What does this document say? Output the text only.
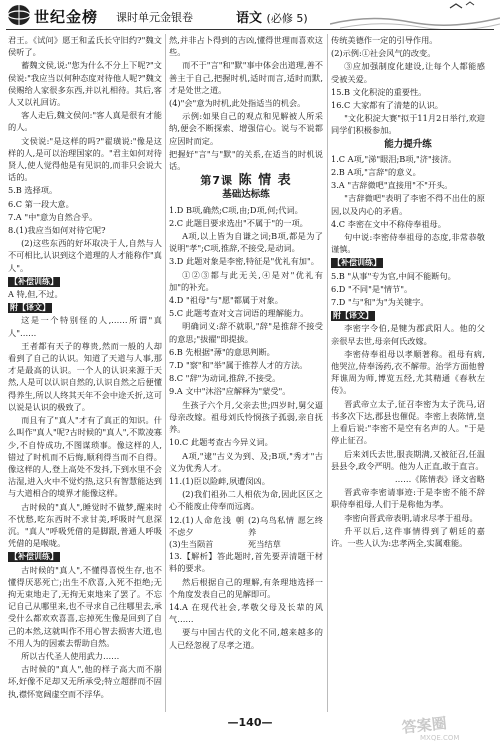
世纪金榜 课时单元金银卷	语文 (必修 5)

君王。《试问》愿王和孟氏长守旧约?"魏文侯听了。

蓄魏文侯,说:"您为什么不分上下呢?"文侯说:"我应当以何种态度对待他人呢?"魏文侯赐给人家很多东西,并以礼相待。其后,客人又以礼回访。

客人走后,魏文侯问:"客人真是很有才能的人。

文侯说:"是这样的吗?"翟璜说:"像是这样的人,是可以治理国家的。"君主如何对待贤人,使人觉得他是有见识的,而非只会说大话的。

5.B 选择项。

6.C 第一段大意。

7.A "中"意为自然合乎。

8.(1)我应当如何对待它呢?

(2)这些东西的好坏取决于人,自然与人不可相比,认识到这个道理的人才能称作"真人"。

【补偿训练】

A 特,但,不过。

附【译文】

这是一个特别怪的人,……所谓"真人"……

王者都有天子的尊贵,然而一般的人却看到了自己的认识。知道了天道与人事,那才是最高的认识。一个人的认识来源于天然,人是可以认识自然的,认识自然之后便懂得养生,所以人终其天年不会中途夭折,这可以说是认识的极致了。

而且有了"真人"才有了真正的知识。什么叫作"真人"呢?古时候的"真人",不欺凌寡少,不自恃成功,不图谋琐事。像这样的人,错过了时机而不后悔,顺利得当而不自得。像这样的人,登上高处不发抖,下到水里不会沾湿,进入火中不觉灼热,这只有智慧能达到与大道相合的境界才能像这样。

古时候的"真人",睡觉时不做梦,醒来时不忧愁,吃东西时不求甘美,呼吸时气息深沉。"真人"呼吸凭借的是脚跟,普通人呼吸凭借的是喉咙。

【补偿训练】

古时候的"真人",不懂得喜悦生存,也不懂得厌恶死亡;出生不欣喜,入死不拒绝;无拘无束地走了,无拘无束地来了罢了。不忘记自己从哪里来,也不寻求自己往哪里去,承受什么都欢欢喜喜,忘掉死生像是回到了自己的本然,这就叫作不用心智去损害大道,也不用人为的因素去帮助自然。

所以古代圣人使用武力……

古时候的"真人",他的样子高大而不崩坏,好像不足却又无所承受;特立超群而不固执,襟怀宽阔虚空而不浮华。

然,并非占卜得到的吉凶,懂得世理而喜欢这些。

而不于"言"和"默"事中体会出道理,善不善主于自己,把握时机,适时而言,适时而默,才是处世之道。

(4)"会"意为时机,此处指适当的机会。

示例:如果自己的观点和见解被人所采纳,便会不断探索、增强信心。说与不说都应因时而定。

把握好"言"与"默"的关系,在适当的时机说话。

第7课 陈 情 表
基础达标练

1.D B项,确然;C项,由;D项,何;代词。

2.C 此题目要求选出"不属于"的一项。

A项,以上皆为自谦之词;B项,都是为了说明"孝";C项,推辞,不接受,是动词。

3.D 此题对象是李密,特征是"优礼有加"。

①②③都与此无关,④是对"优礼有加"的补充。

4.D "祖母"与"愿"都属于对象。

5.C 此题考查对文言词语的理解能力。

明确词义:辞不就职,"辞"是推辞不接受的意思;"拔擢"即提拔。

6.B 先根据"薄"的意思判断。

7.D "察"和"举"属于推荐人才的方法。

8.C "辞"为动词,推辞,不接受。

9.A 文中"沐浴"应解释为"蒙受"。

生孩子六个月,父亲去世;四岁时,舅父逼母亲改嫁。祖母刘氏怜悯孩子孤弱,亲自抚养。

10.C 此题考查古今异义词。

A项,"逮"古义为到、及;B项,"秀才"古义为优秀人才。

11.(1)臣以险衅,夙遭闵凶。

(2)我们祖孙二人相依为命,因此区区之心不能废止侍奉而远离。

12.(1)人命危浅 朝不虑夕
(2)乌鸟私情 愿乞终养
(3)生当陨首	死当结草

13.【解析】答此题时,首先要弄清题干材料的要求。

然后根据自己的理解,有条理地选择一个角度发表自己的见解即可。

14.A 在现代社会,孝敬父母及长辈的风气……

要与中国古代的文化不同,越来越多的人已经忽视了尽孝之道。

传统美德作一定的引导作用。

(2)示例:①社会风气的改变。

③应加强制度化建设,让每个人都能感受被关爱。

15.B 文化积淀的重要性。

16.C 大家都有了清楚的认识。

"文化积淀大赛"拟于11月2日举行,欢迎同学们积极参加。

能力提升练

1.C A项,"涕"眼泪;B项,"济"接济。

2.B A项,"言辞"的意义。

3.A "吉辞微吧"直接用"不"开头。

"吉辞微吧"表明了李密不得不出仕的原因,以及内心的矛盾。

4.C 李密在文中不称侍奉祖母。

句中说:李密侍奉祖母的态度,非常恭敬谨慎。

【补偿训练】

5.B "从事"专为官,中间不能断句。

6.D "不同"是"情节"。

7.D "与"和"为"为关键字。

附【译文】

李密字令伯,是犍为郡武阳人。他的父亲很早去世,母亲何氏改嫁。

李密侍奉祖母以孝顺著称。祖母有病,他哭泣,侍奉汤药,衣不解带。治学方面他曾拜谯周为师,博览五经,尤其精通《春秋左传》。

晋武帝立太子,征召李密为太子洗马,诏书多次下达,郡县也催促。李密上表陈情,皇上看后说:"李密不是空有名声的人。"于是停止征召。

后来刘氏去世,服丧期满,又被征召,任温县县令,政令严明。他为人正直,敢于直言。

……《陈情表》译文省略

晋武帝李密请事迹:于是李密不能不辞职侍奉祖母,人们于是称他为孝。

李密向晋武帝表明,请求尽孝于祖母。

升平以后,这件事情得到了朝廷的嘉许。一些人认为:忠孝两全,实属难能。

—140—	答案圈
MXQE.COM
